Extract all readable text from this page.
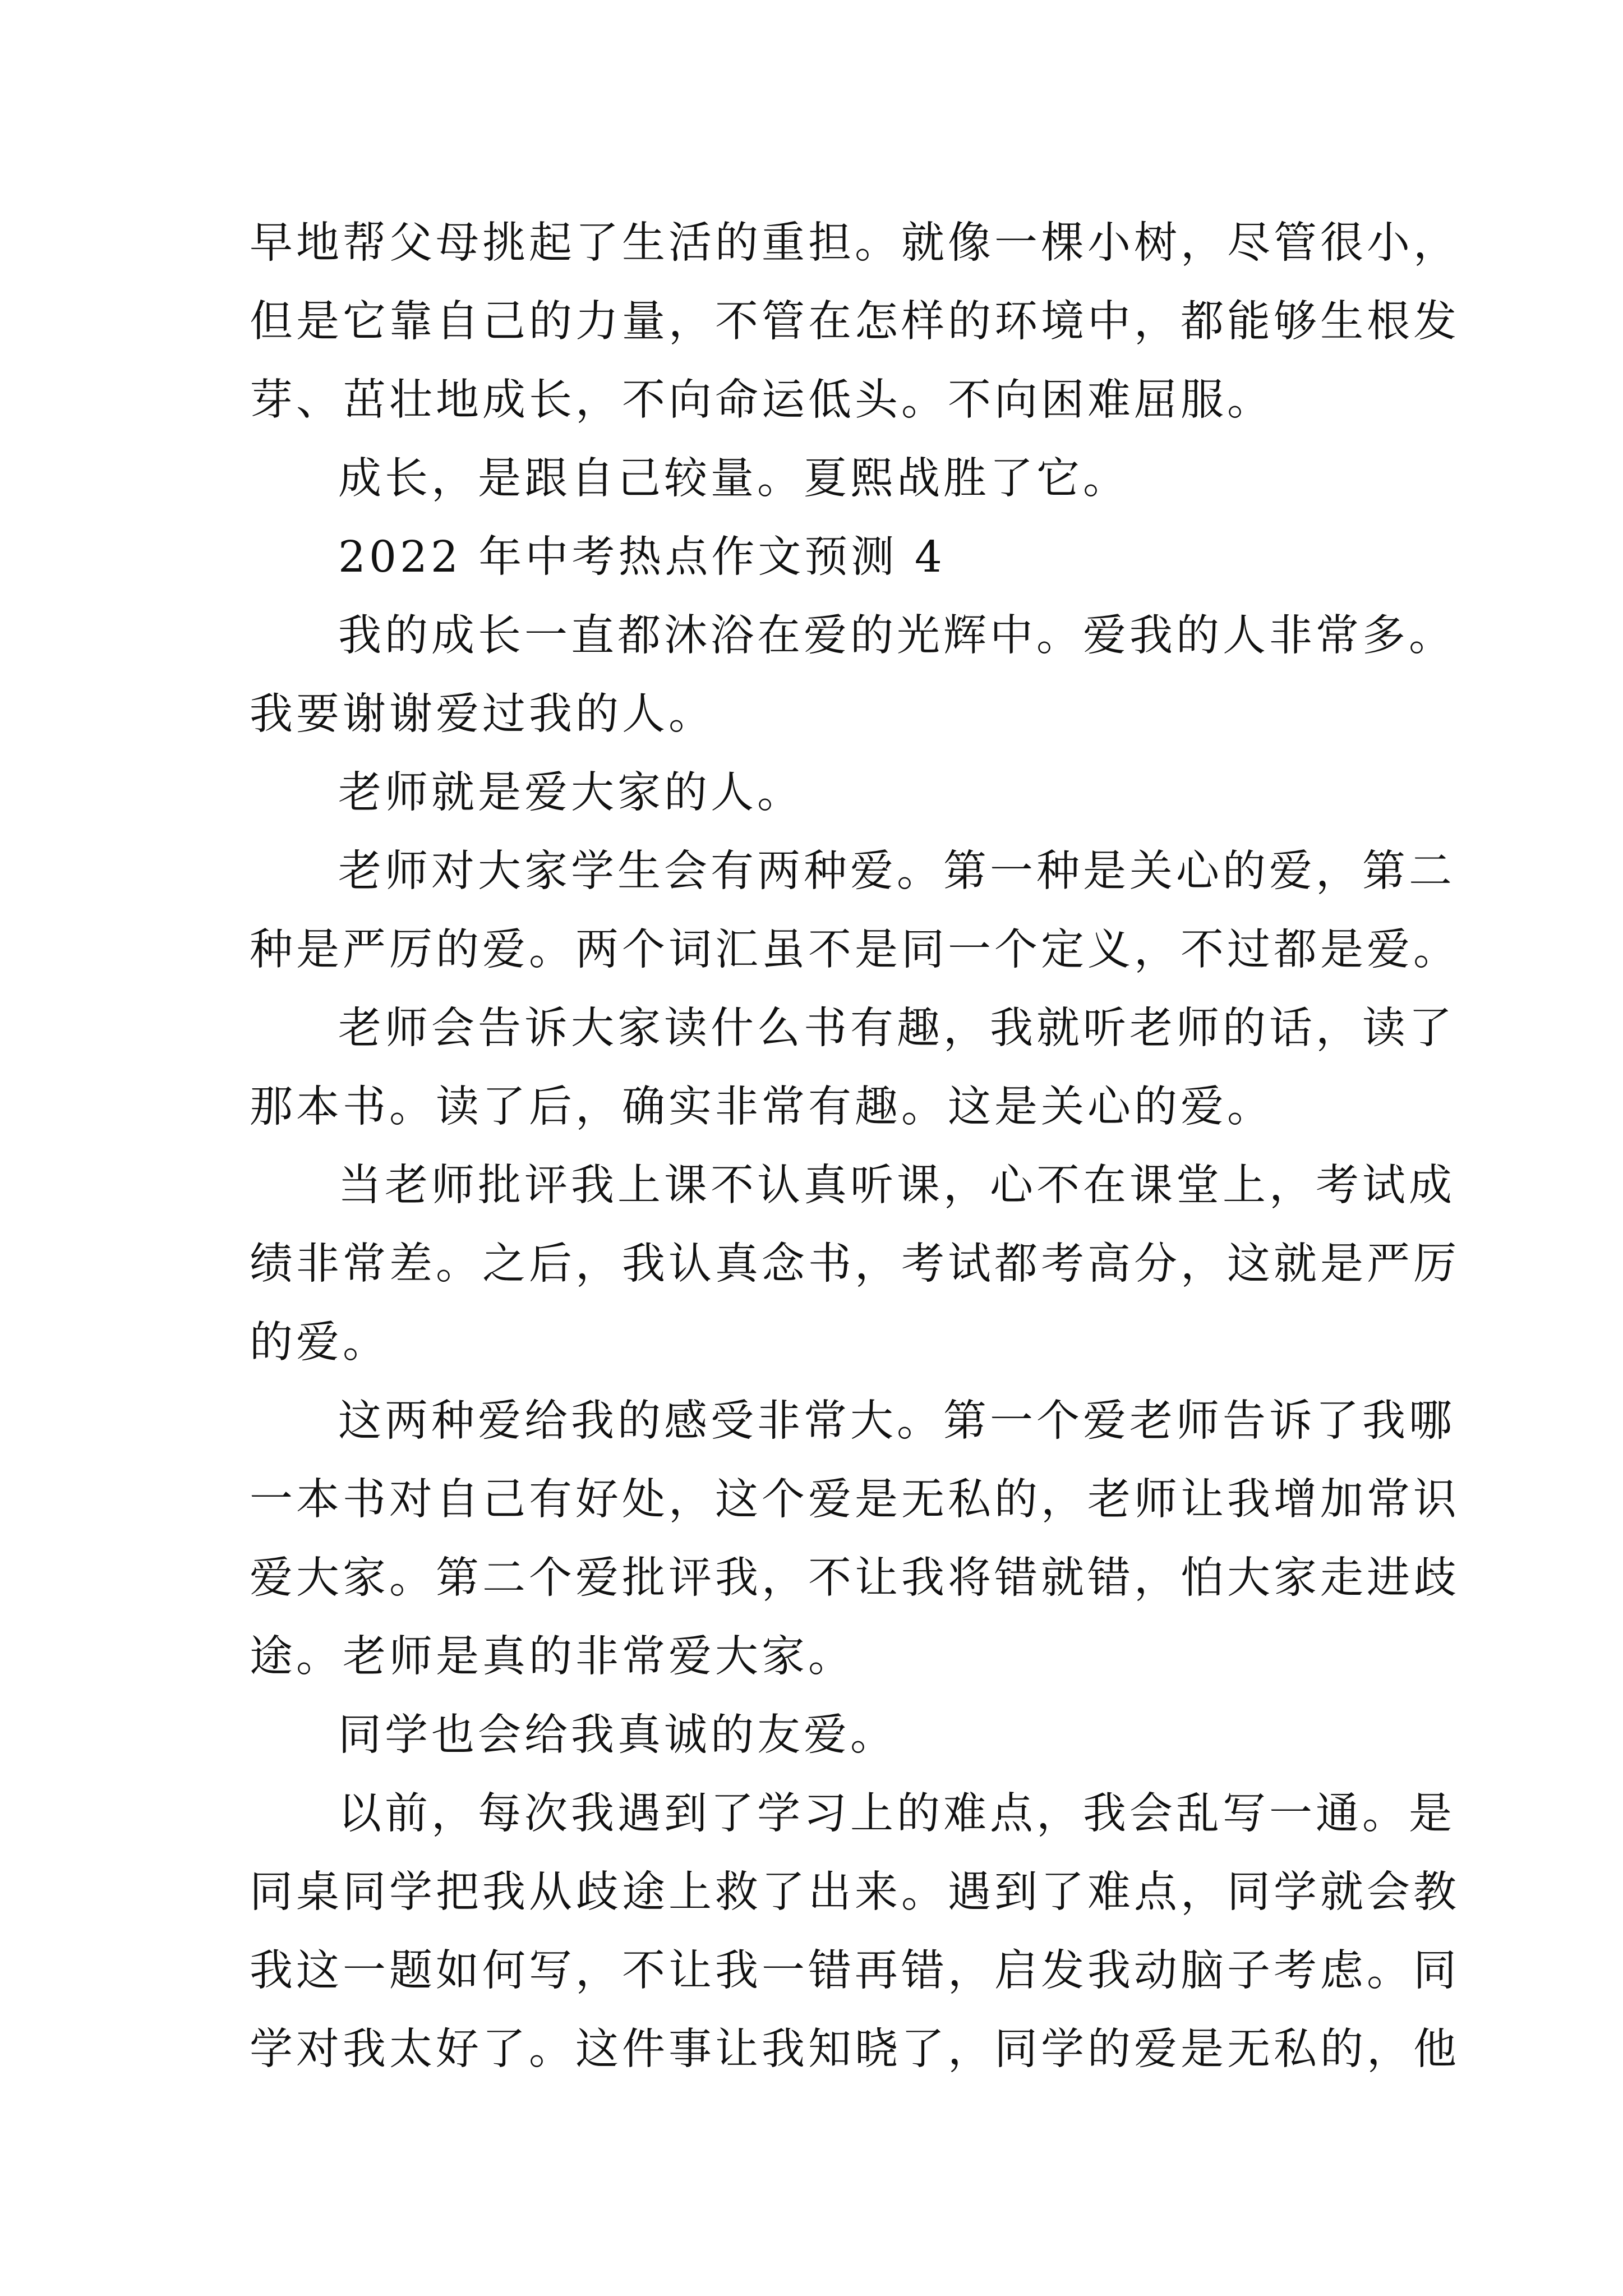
早地帮父母挑起了生活的重担。就像一棵小树，尽管很小，
但是它靠自己的力量，不管在怎样的环境中，都能够生根发
芽、茁壮地成长，不向命运低头。不向困难屈服。
成长，是跟自己较量。夏熙战胜了它。
2022 年中考热点作文预测 4
我的成长一直都沐浴在爱的光辉中。爱我的人非常多。
我要谢谢爱过我的人。
老师就是爱大家的人。
老师对大家学生会有两种爱。第一种是关心的爱，第二
种是严厉的爱。两个词汇虽不是同一个定义，不过都是爱。
老师会告诉大家读什么书有趣，我就听老师的话，读了
那本书。读了后，确实非常有趣。这是关心的爱。
当老师批评我上课不认真听课，心不在课堂上，考试成
绩非常差。之后，我认真念书，考试都考高分，这就是严厉
的爱。
这两种爱给我的感受非常大。第一个爱老师告诉了我哪
一本书对自己有好处，这个爱是无私的，老师让我增加常识
爱大家。第二个爱批评我，不让我将错就错，怕大家走进歧
途。老师是真的非常爱大家。
同学也会给我真诚的友爱。
以前，每次我遇到了学习上的难点，我会乱写一通。是
同桌同学把我从歧途上救了出来。遇到了难点，同学就会教
我这一题如何写，不让我一错再错，启发我动脑子考虑。同
学对我太好了。这件事让我知晓了，同学的爱是无私的，他
